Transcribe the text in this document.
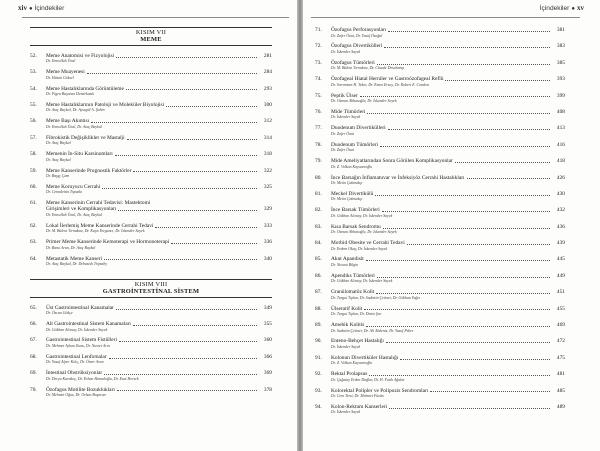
xiv ● İçindekiler
KISIM VII
MEME
52.	Meme Anatomisi ve Fizyolojisi	281
Dr. Emrullah Ünal
53.	Meme Muayenesi	284
Dr. Hüsnü Göksel
54.	Meme Hastalıklarında Görüntüleme	293
Dr. Figen Başaran Demirkazık
55.	Meme Hastalıklarının Patoloji ve Moleküler Biyolojisi	300
Dr. Ataç Baykal, Dr. Aysegül A. Şahin
56.	Meme Başı Akıntısı	312
Dr. Emrullah Ünal, Dr. Ataç Baykal
57.	Fibrokistik Değişiklikler ve Mastalji	314
Dr. Ataç Baykal
58.	Memenin İn-Situ Karsinomları	318
Dr. Ataç Baykal
59.	Meme Kanserinde Prognostik Faktörler	322
Dr. Başşy Çam
60.	Meme Koruyucu Cerrahi	325
Dr. Cemalettin Topuzlu
61.	Meme Kanserinin Cerrahi Tedavisi: Mastektomi
Girişimleri ve Komplikasyonları	329
Dr. Emrullah Ünal, Dr. Ataç Baykal
62.	Lokal İlerlemiş Meme Kanserinde Cerrahi Tedavi	333
Dr. M. Bülent Tırnaksız, Dr. Kaya Yorgancı, Dr. İskender Sayek
63.	Primer Meme Kanserinde Kemoterapi ve Hormonoterapi	336
Dr. Banu Arun, Dr. Ataç Baykal
64.	Metastatik Meme Kanseri	340
Dr. Ataç Baykal, Dr. Debasish Tripathy
KISIM VIII
GASTROİNTESTİNAL SİSTEM
65.	Üst Gastrointestinal Kanamalar	349
Dr. Özcan Gökçe
66.	Alt Gastrointestinal Sistem Kanamaları	355
Dr. Gökhan Altınay, Dr. İskender Sayek
67.	Gastrointestinal Sistem Fistülleri	360
Dr. Mehmet Ayhan Kuzu, Dr. Nusret Arın
68.	Gastrointestinal Lenfomalar	366
Dr. Yusuf Alper Kılıç, Dr. Ömer Aran
69.	İntestinal Obstrüksiyonlar	369
Dr. Derya Karakoç, Dr. Erhan Hamaloğlu, Dr. Esat Hersek
70.	Özofagus Motilite Bozuklukları	378
Dr. Mehmet Oğuz, Dr. Orhan Başaran
İçindekiler ● xv
71.	Özofagus Perforasyonları	381
Dr. Zafer Önat, Dr. Yusuf Özoğul
72.	Özofagus Divertikülleri	383
Dr. İskender Sayek
73.	Özofagus Tümörleri	385
Dr. M. Bülent Tırnaksız, Dr. Claude Deschamp
74.	Özofageal Hiatal Herniler ve Gastroözofageal Reflü	393
Dr. Sırrımmet H. Tekin, Dr. Emen Ersoy, Dr. Robert E. Condon
75.	Peptik Ülser	399
Dr. Osman Abbasoğlu, Dr. İskender Sayek
76.	Mide Tümörleri	408
Dr. İskender Sayek
77.	Duodenum Divertikülleri	413
Dr. Zafer Önat
78.	Duodenum Tümörleri	416
Dr. Zafer Önat
79.	Mide Ameliyatlarından Sonra Görülen Komplikasyonlar	418
Dr. Z. Volkan Kayaarıoğlu
80.	İnce Barsağın İnflamatuvar ve İnfeksiyöz Cerrahi Hastalıkları	426
Dr. Metin Çakmakçı
81.	Meckel Divertikülü	430
Dr. Metin Çakmakçı
82.	İnce Barsak Tümörleri	432
Dr. Gökhan Altınay, Dr. İskender Sayek
83.	Kısa Barsak Sendromu	436
Dr. Osman Abbasoğlu, Dr. İskender Sayek
84.	Morbid Obesite ve Cerrahi Tedavi	439
Dr. Erdem Okay, Dr. İskender Sayek
85.	Akut Apandisit	445
Dr. Nuvzat Bilgin
86.	Apendiks Tümörleri	449
Dr. Gökhan Altınay, Dr. İskender Sayek
87.	Granülomatöz Kolit	451
Dr. Turgut Tıpkın, Dr. Sadettin Çetiner, Dr. Gökhan Yağcı
88.	Ülseratif Kolit	455
Dr. Turgut Tıpkın, Dr. Deniz Şar
89.	Amebik Kolitis	469
Dr. Sadettin Çetiner, Dr. Ali Akdeniz, Dr. Yusuf Peker
90.	Enteno-Behçet Hastalığı	472
Dr. İskender Sayek
91.	Kolonun Divertiküler Hastalığı	475
Dr. Z. Volkan Kayaarıoğlu
92.	Rektal Prolapsus	481
Dr. Çağatay Erden Dağlar, Dr. H. Fatih Ağalar
93.	Kolorektal Polipler ve Polipozis Sendromları	485
Dr. Cem Terzi, Dr. Mehmet Füzün
94.	Kolon-Rektum Kanserleri	489
Dr. İskender Sayek
